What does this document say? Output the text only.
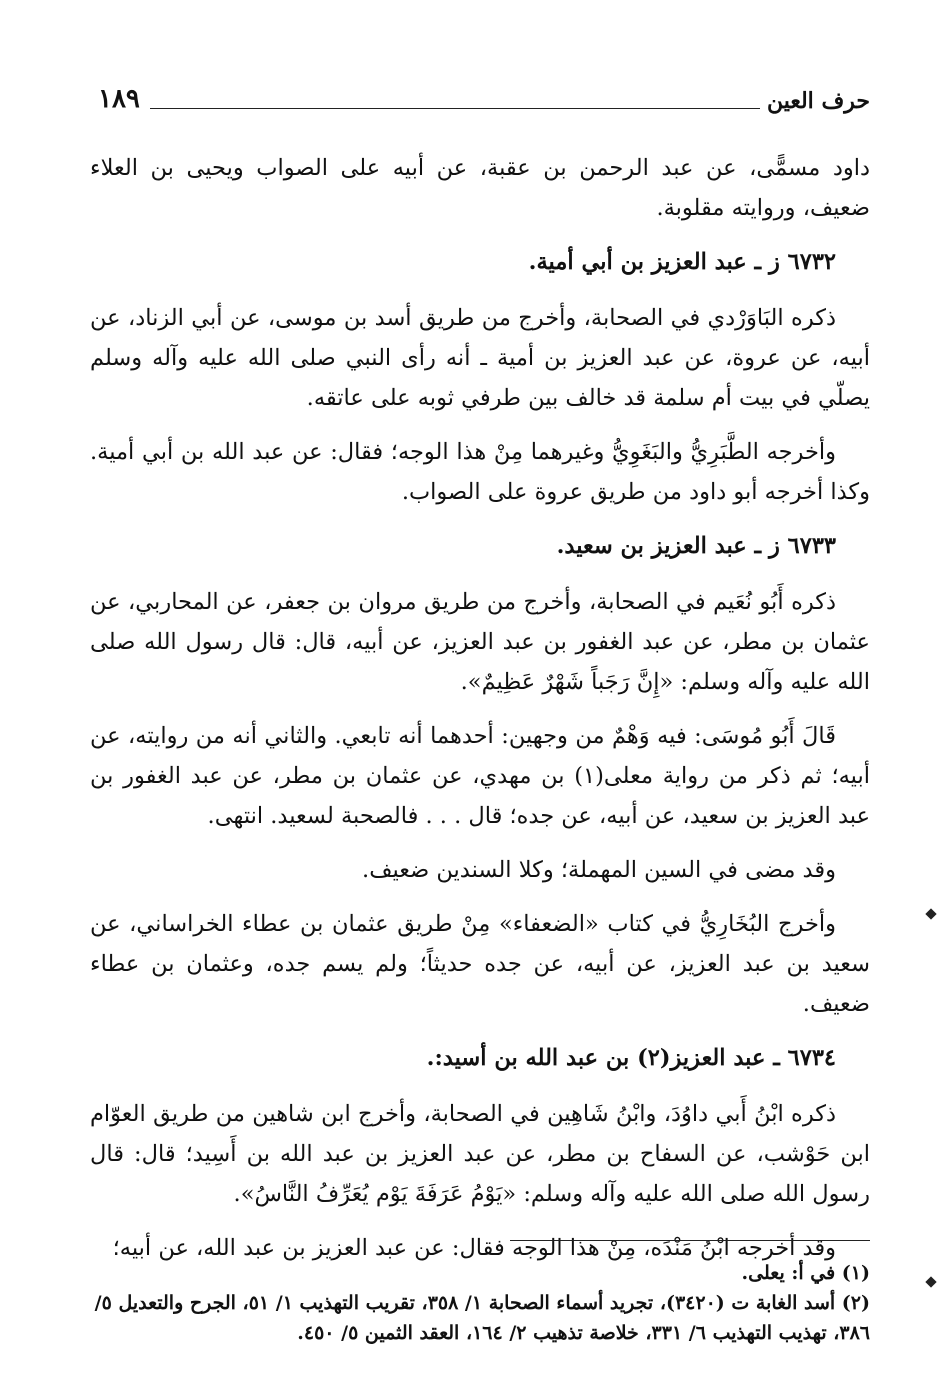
حرف العين
١٨٩

داود مسمًّى، عن عبد الرحمن بن عقبة، عن أبيه على الصواب ويحيى بن العلاء ضعيف، وروايته مقلوبة.

٦٧٣٢ ز ـ عبد العزيز بن أبي أمية.

ذكره البَاوَرْدي في الصحابة، وأخرج من طريق أسد بن موسى، عن أبي الزناد، عن أبيه، عن عروة، عن عبد العزيز بن أمية ـ أنه رأى النبي صلى الله عليه وآله وسلم يصلّي في بيت أم سلمة قد خالف بين طرفي ثوبه على عاتقه.

وأخرجه الطَّبَرِيُّ والبَغَوِيُّ وغيرهما مِنْ هذا الوجه؛ فقال: عن عبد الله بن أبي أمية. وكذا أخرجه أبو داود من طريق عروة على الصواب.

٦٧٣٣ ز ـ عبد العزيز بن سعيد.

ذكره أَبُو نُعَيم في الصحابة، وأخرج من طريق مروان بن جعفر، عن المحاربي، عن عثمان بن مطر، عن عبد الغفور بن عبد العزيز، عن أبيه، قال: قال رسول الله صلى الله عليه وآله وسلم: «إِنَّ رَجَباً شَهْرٌ عَظِيمٌ».

قَالَ أَبُو مُوسَى: فيه وَهْمٌ من وجهين: أحدهما أنه تابعي. والثاني أنه من روايته، عن أبيه؛ ثم ذكر من رواية معلى(١) بن مهدي، عن عثمان بن مطر، عن عبد الغفور بن عبد العزيز بن سعيد، عن أبيه، عن جده؛ قال . . . فالصحبة لسعيد. انتهى.

وقد مضى في السين المهملة؛ وكلا السندين ضعيف.

وأخرج البُخَارِيُّ في كتاب «الضعفاء» مِنْ طريق عثمان بن عطاء الخراساني، عن سعيد بن عبد العزيز، عن أبيه، عن جده حديثاً؛ ولم يسم جده، وعثمان بن عطاء ضعيف.

٦٧٣٤ ـ عبد العزيز(٢) بن عبد الله بن أسيد:.

ذكره ابْنُ أَبي داوُدَ، وابْنُ شَاهِين في الصحابة، وأخرج ابن شاهين من طريق العوّام ابن حَوْشب، عن السفاح بن مطر، عن عبد العزيز بن عبد الله بن أَسِيد؛ قال: قال رسول الله صلى الله عليه وآله وسلم: «يَوْمُ عَرَفَةَ يَوْم يُعَرِّفُ النَّاسُ».

وقد أخرجه ابْنُ مَنْدَه، مِنْ هذا الوجه فقال: عن عبد العزيز بن عبد الله، عن أبيه؛

(١) في أ: يعلى.
(٢) أسد الغابة ت (٣٤٢٠)، تجريد أسماء الصحابة ١/ ٣٥٨، تقريب التهذيب ١/ ٥١، الجرح والتعديل ٥/ ٣٨٦، تهذيب التهذيب ٦/ ٣٣١، خلاصة تذهيب ٢/ ١٦٤، العقد الثمين ٥/ ٤٥٠.
